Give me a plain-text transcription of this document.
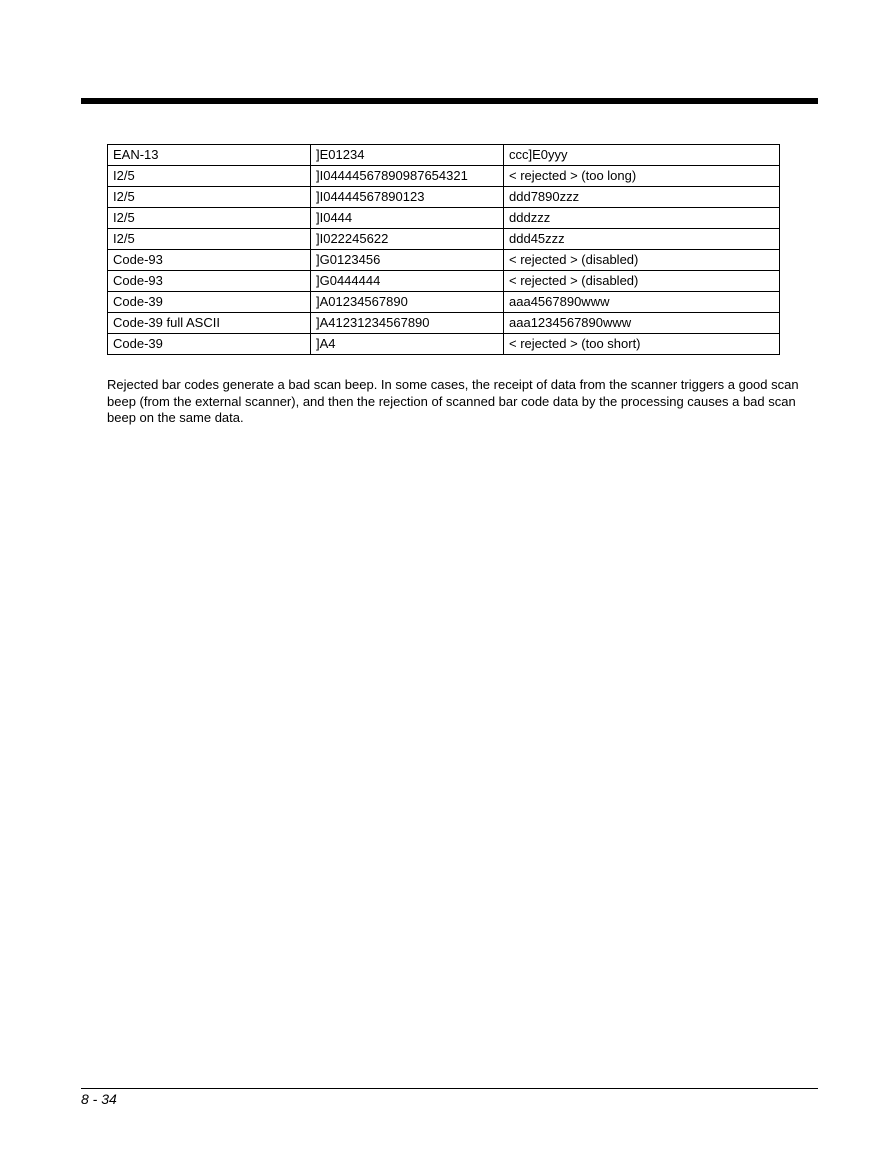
EAN-13	]E01234	ccc]E0yyy
I2/5	]I04444567890987654321	< rejected > (too long)
I2/5	]I04444567890123	ddd7890zzz
I2/5	]I0444	dddzzz
I2/5	]I022245622	ddd45zzz
Code-93	]G0123456	< rejected > (disabled)
Code-93	]G0444444	< rejected > (disabled)
Code-39	]A01234567890	aaa4567890www
Code-39 full ASCII	]A41231234567890	aaa1234567890www
Code-39	]A4	< rejected > (too short)

Rejected bar codes generate a bad scan beep. In some cases, the receipt of data from the scanner triggers a good scan beep (from the external scanner), and then the rejection of scanned bar code data by the processing causes a bad scan beep on the same data.

8 - 34
